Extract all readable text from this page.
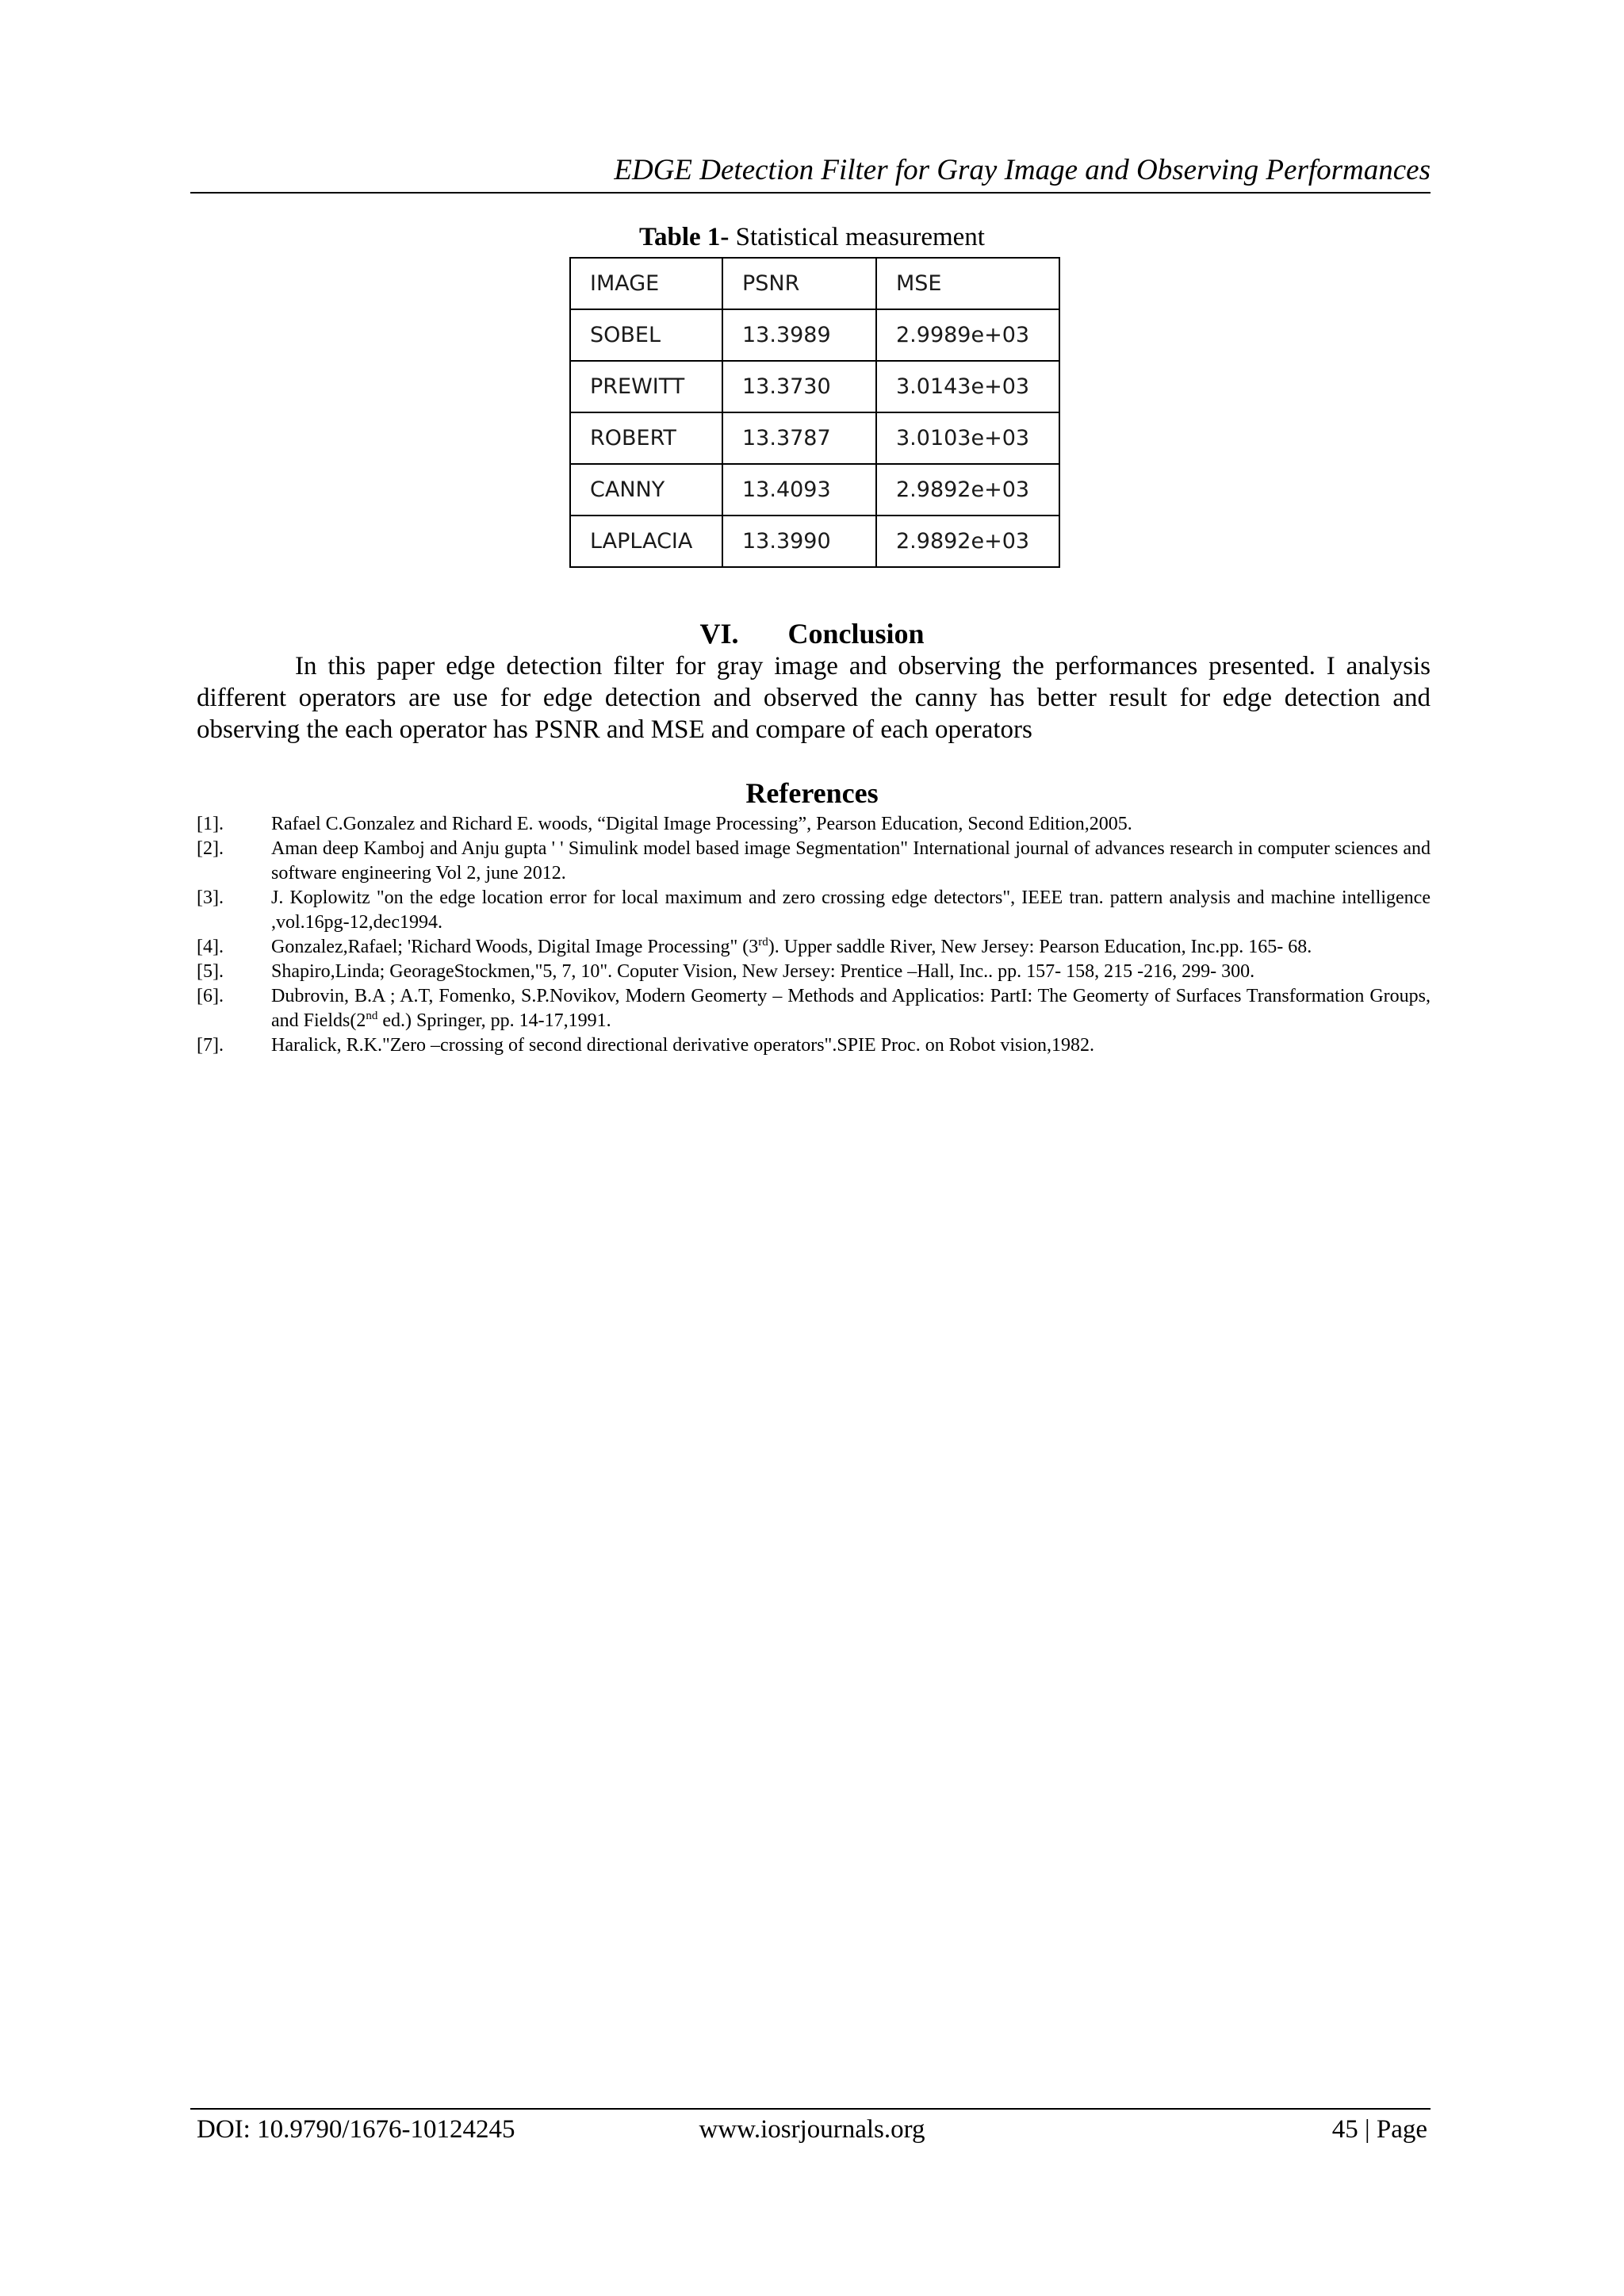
EDGE Detection Filter for Gray Image and Observing Performances
Table 1- Statistical measurement
IMAGE	PSNR	MSE
SOBEL	13.3989	2.9989e+03
PREWITT	13.3730	3.0143e+03
ROBERT	13.3787	3.0103e+03
CANNY	13.4093	2.9892e+03
LAPLACIA	13.3990	2.9892e+03
VI. Conclusion

In this paper edge detection filter for gray image and observing the performances presented. I analysis different operators are use for edge detection and observed the canny has better result for edge detection and observing the each operator has PSNR and MSE and compare of each operators

References
[1].	Rafael C.Gonzalez and Richard E. woods, “Digital Image Processing”, Pearson Education, Second Edition,2005.
[2].	Aman deep Kamboj and Anju gupta ' ' Simulink model based image Segmentation" International journal of advances research in computer sciences and software engineering Vol 2, june 2012.
[3].	J. Koplowitz "on the edge location error for local maximum and zero crossing edge detectors", IEEE tran. pattern analysis and machine intelligence ,vol.16pg-12,dec1994.
[4].	Gonzalez,Rafael; 'Richard Woods, Digital Image Processing" (3rd). Upper saddle River, New Jersey: Pearson Education, Inc.pp. 165- 68.
[5].	Shapiro,Linda; GeorageStockmen,"5, 7, 10". Coputer Vision, New Jersey: Prentice –Hall, Inc.. pp. 157- 158, 215 -216, 299- 300.
[6].	Dubrovin, B.A ; A.T, Fomenko, S.P.Novikov, Modern Geomerty – Methods and Applicatios: PartI: The Geomerty of Surfaces Transformation Groups, and Fields(2nd ed.) Springer, pp. 14-17,1991.
[7].	Haralick, R.K."Zero –crossing of second directional derivative operators".SPIE Proc. on Robot vision,1982.
DOI: 10.9790/1676-10124245	www.iosrjournals.org	45 | Page
